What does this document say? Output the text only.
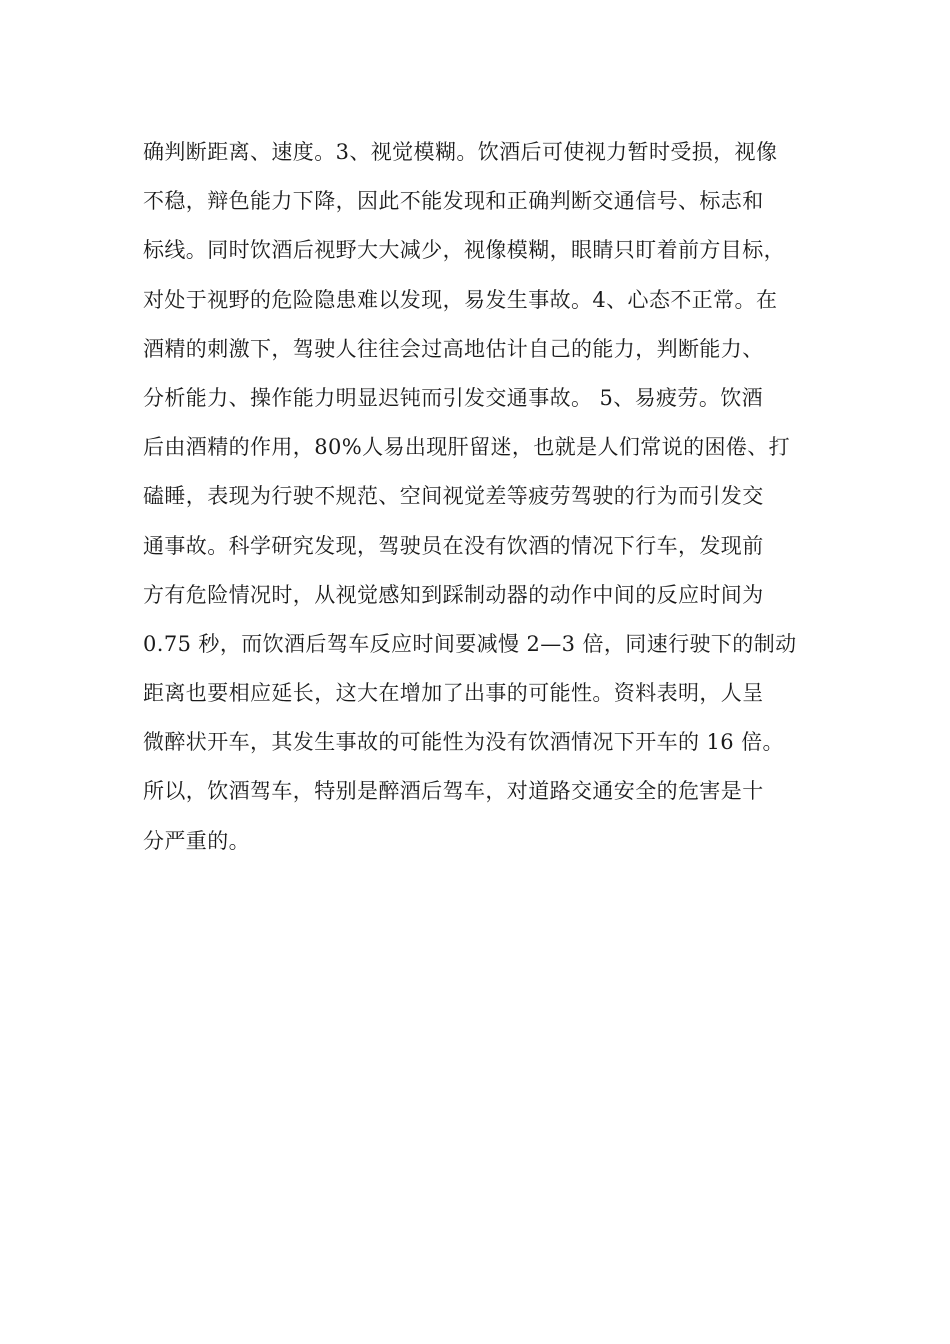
确判断距离、速度。3、视觉模糊。饮酒后可使视力暂时受损，视像
不稳，辩色能力下降，因此不能发现和正确判断交通信号、标志和
标线。同时饮酒后视野大大减少，视像模糊，眼睛只盯着前方目标，
对处于视野的危险隐患难以发现，易发生事故。4、心态不正常。在
酒精的刺激下，驾驶人往往会过高地估计自己的能力，判断能力、
分析能力、操作能力明显迟钝而引发交通事故。 5、易疲劳。饮酒
后由酒精的作用，80%人易出现肝留迷，也就是人们常说的困倦、打
磕睡，表现为行驶不规范、空间视觉差等疲劳驾驶的行为而引发交
通事故。科学研究发现，驾驶员在没有饮酒的情况下行车，发现前
方有危险情况时，从视觉感知到踩制动器的动作中间的反应时间为
0.75 秒，而饮酒后驾车反应时间要减慢 2—3 倍，同速行驶下的制动
距离也要相应延长，这大在增加了出事的可能性。资料表明，人呈
微醉状开车，其发生事故的可能性为没有饮酒情况下开车的 16 倍。
所以，饮酒驾车，特别是醉酒后驾车，对道路交通安全的危害是十
分严重的。
